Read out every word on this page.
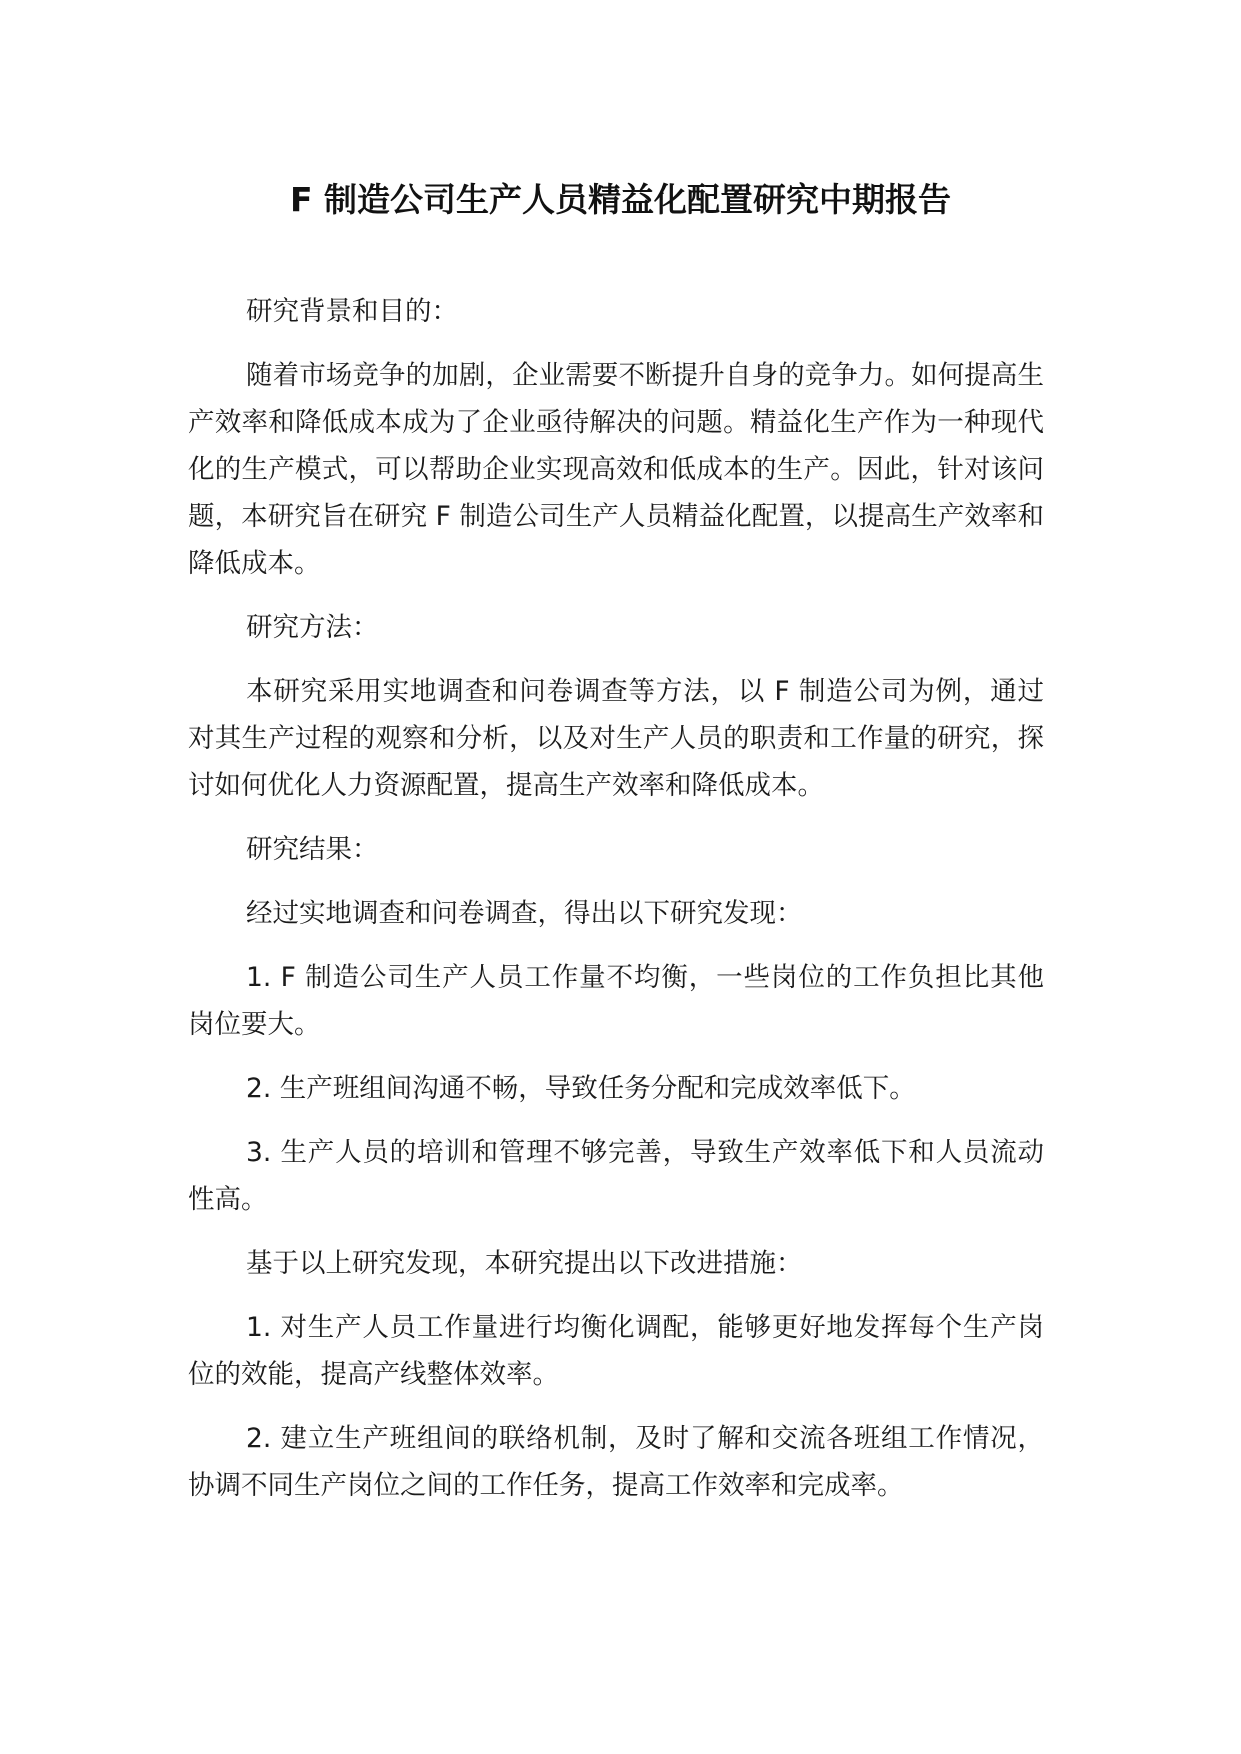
F 制造公司生产人员精益化配置研究中期报告

研究背景和目的：

随着市场竞争的加剧，企业需要不断提升自身的竞争力。如何提高生产效率和降低成本成为了企业亟待解决的问题。精益化生产作为一种现代化的生产模式，可以帮助企业实现高效和低成本的生产。因此，针对该问题，本研究旨在研究 F 制造公司生产人员精益化配置，以提高生产效率和降低成本。

研究方法：

本研究采用实地调查和问卷调查等方法，以 F 制造公司为例，通过对其生产过程的观察和分析，以及对生产人员的职责和工作量的研究，探讨如何优化人力资源配置，提高生产效率和降低成本。

研究结果：

经过实地调查和问卷调查，得出以下研究发现：

1. F 制造公司生产人员工作量不均衡，一些岗位的工作负担比其他岗位要大。

2. 生产班组间沟通不畅，导致任务分配和完成效率低下。

3. 生产人员的培训和管理不够完善，导致生产效率低下和人员流动性高。

基于以上研究发现，本研究提出以下改进措施：

1. 对生产人员工作量进行均衡化调配，能够更好地发挥每个生产岗位的效能，提高产线整体效率。

2. 建立生产班组间的联络机制，及时了解和交流各班组工作情况，协调不同生产岗位之间的工作任务，提高工作效率和完成率。
